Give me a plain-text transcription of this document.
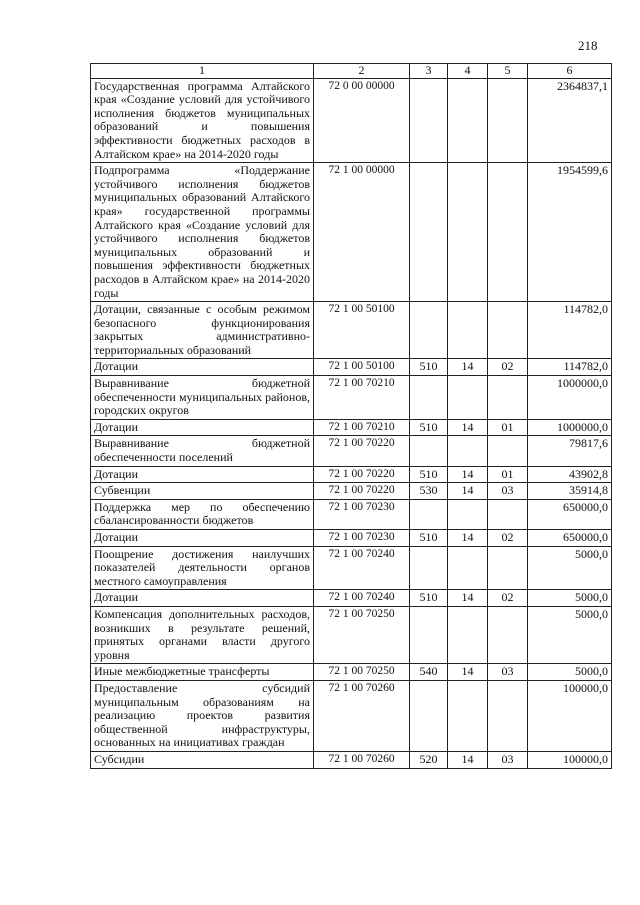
218
1	2	3	4	5	6
Государственная программа Алтайского края «Создание условий для устойчивого исполнения бюджетов муниципальных образований и повышения эффективности бюджетных расходов в Алтайском крае» на 2014-2020 годы	72 0 00 00000				2364837,1
Подпрограмма «Поддержание устойчивого исполнения бюджетов муниципальных образований Алтайского края» государственной программы Алтайского края «Создание условий для устойчивого исполнения бюджетов муниципальных образований и повышения эффективности бюджетных расходов в Алтайском крае» на 2014-2020 годы	72 1 00 00000				1954599,6
Дотации, связанные с особым режимом безопасного функционирования закрытых административно-территориальных образований	72 1 00 50100				114782,0
Дотации	72 1 00 50100	510	14	02	114782,0
Выравнивание бюджетной обеспеченности муниципальных районов, городских округов	72 1 00 70210				1000000,0
Дотации	72 1 00 70210	510	14	01	1000000,0
Выравнивание бюджетной обеспеченности поселений	72 1 00 70220				79817,6
Дотации	72 1 00 70220	510	14	01	43902,8
Субвенции	72 1 00 70220	530	14	03	35914,8
Поддержка мер по обеспечению сбалансированности бюджетов	72 1 00 70230				650000,0
Дотации	72 1 00 70230	510	14	02	650000,0
Поощрение достижения наилучших показателей деятельности органов местного самоуправления	72 1 00 70240				5000,0
Дотации	72 1 00 70240	510	14	02	5000,0
Компенсация дополнительных расходов, возникших в результате решений, принятых органами власти другого уровня	72 1 00 70250				5000,0
Иные межбюджетные трансферты	72 1 00 70250	540	14	03	5000,0
Предоставление субсидий муниципальным образованиям на реализацию проектов развития общественной инфраструктуры, основанных на инициативах граждан	72 1 00 70260				100000,0
Субсидии	72 1 00 70260	520	14	03	100000,0
